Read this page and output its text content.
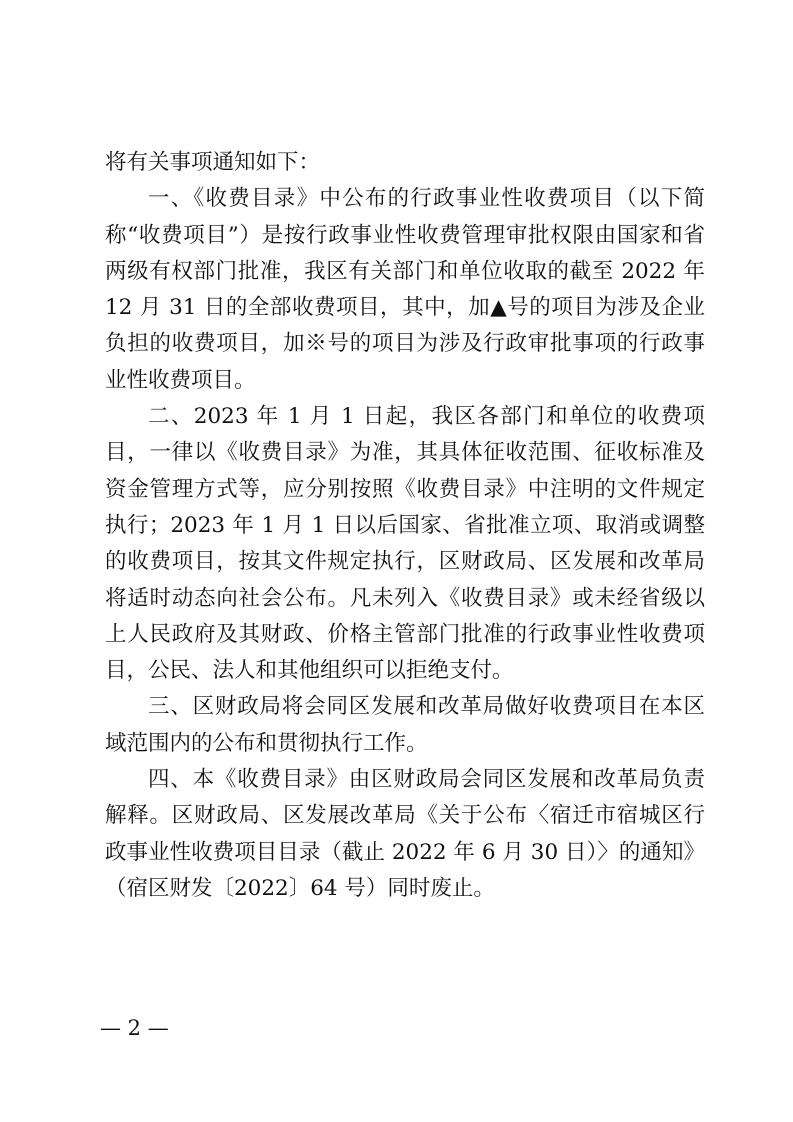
将有关事项通知如下：

一、《收费目录》中公布的行政事业性收费项目（以下简称“收费项目”）是按行政事业性收费管理审批权限由国家和省两级有权部门批准，我区有关部门和单位收取的截至 2022 年 12 月 31 日的全部收费项目，其中，加▲号的项目为涉及企业负担的收费项目，加※号的项目为涉及行政审批事项的行政事业性收费项目。

二、2023 年 1 月 1 日起，我区各部门和单位的收费项目，一律以《收费目录》为准，其具体征收范围、征收标准及资金管理方式等，应分别按照《收费目录》中注明的文件规定执行；2023 年 1 月 1 日以后国家、省批准立项、取消或调整的收费项目，按其文件规定执行，区财政局、区发展和改革局将适时动态向社会公布。凡未列入《收费目录》或未经省级以上人民政府及其财政、价格主管部门批准的行政事业性收费项目，公民、法人和其他组织可以拒绝支付。

三、区财政局将会同区发展和改革局做好收费项目在本区域范围内的公布和贯彻执行工作。

四、本《收费目录》由区财政局会同区发展和改革局负责解释。区财政局、区发展改革局《关于公布〈宿迁市宿城区行政事业性收费项目目录（截止 2022 年 6 月 30 日）〉的通知》（宿区财发〔2022〕64 号）同时废止。

— 2 —
